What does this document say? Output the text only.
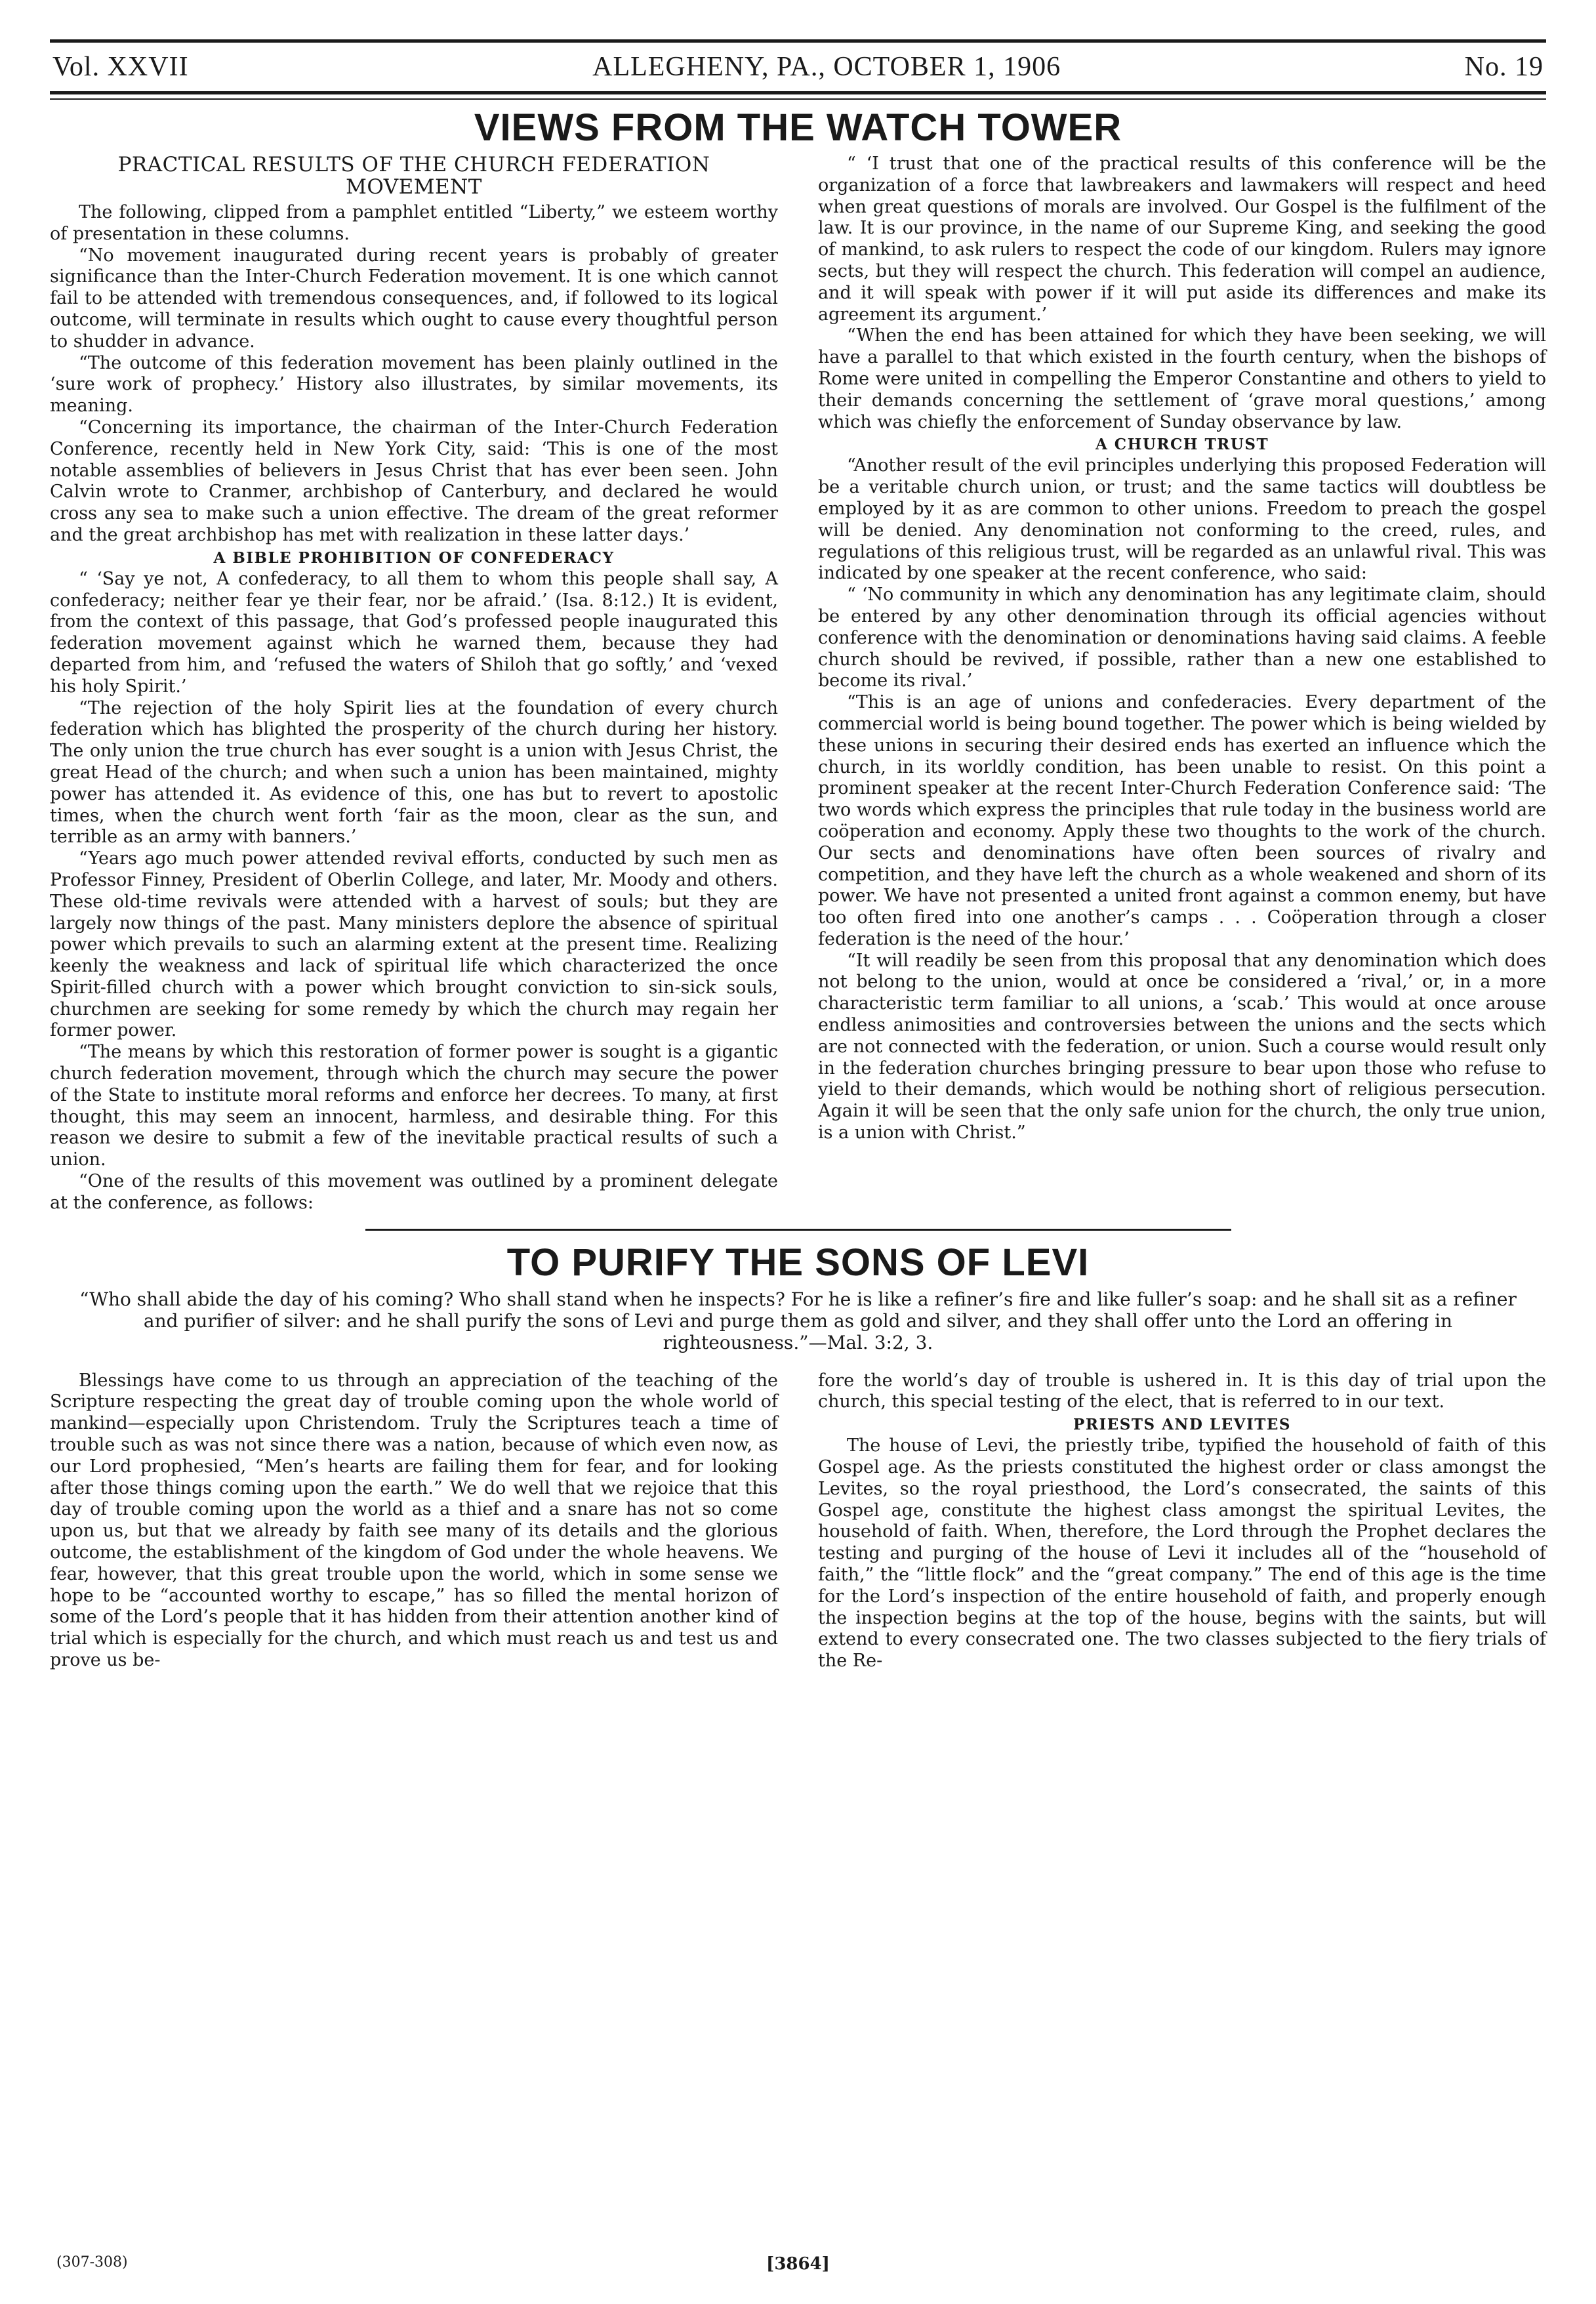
Vol. XXVII	ALLEGHENY, PA., OCTOBER 1, 1906	No. 19
VIEWS FROM THE WATCH TOWER
PRACTICAL RESULTS OF THE CHURCH FEDERATION MOVEMENT

The following, clipped from a pamphlet entitled “Liberty,” we esteem worthy of presentation in these columns.

“No movement inaugurated during recent years is probably of greater significance than the Inter-Church Federation movement. It is one which cannot fail to be attended with tremendous consequences, and, if followed to its logical outcome, will terminate in results which ought to cause every thoughtful person to shudder in advance.

“The outcome of this federation movement has been plainly outlined in the ‘sure work of prophecy.’ History also illustrates, by similar movements, its meaning.

“Concerning its importance, the chairman of the Inter-Church Federation Conference, recently held in New York City, said: ‘This is one of the most notable assemblies of believers in Jesus Christ that has ever been seen. John Calvin wrote to Cranmer, archbishop of Canterbury, and declared he would cross any sea to make such a union effective. The dream of the great reformer and the great archbishop has met with realization in these latter days.’

A BIBLE PROHIBITION OF CONFEDERACY

“ ‘Say ye not, A confederacy, to all them to whom this people shall say, A confederacy; neither fear ye their fear, nor be afraid.’ (Isa. 8:12.) It is evident, from the context of this passage, that God’s professed people inaugurated this federation movement against which he warned them, because they had departed from him, and ‘refused the waters of Shiloh that go softly,’ and ‘vexed his holy Spirit.’

“The rejection of the holy Spirit lies at the foundation of every church federation which has blighted the prosperity of the church during her history. The only union the true church has ever sought is a union with Jesus Christ, the great Head of the church; and when such a union has been maintained, mighty power has attended it. As evidence of this, one has but to revert to apostolic times, when the church went forth ‘fair as the moon, clear as the sun, and terrible as an army with banners.’

“Years ago much power attended revival efforts, conducted by such men as Professor Finney, President of Oberlin College, and later, Mr. Moody and others. These old-time revivals were attended with a harvest of souls; but they are largely now things of the past. Many ministers deplore the absence of spiritual power which prevails to such an alarming extent at the present time. Realizing keenly the weakness and lack of spiritual life which characterized the once Spirit-filled church with a power which brought conviction to sin-sick souls, churchmen are seeking for some remedy by which the church may regain her former power.

“The means by which this restoration of former power is sought is a gigantic church federation movement, through which the church may secure the power of the State to institute moral reforms and enforce her decrees. To many, at first thought, this may seem an innocent, harmless, and desirable thing. For this reason we desire to submit a few of the inevitable practical results of such a union.

“One of the results of this movement was outlined by a prominent delegate at the conference, as follows:

“ ‘I trust that one of the practical results of this conference will be the organization of a force that lawbreakers and lawmakers will respect and heed when great questions of morals are involved. Our Gospel is the fulfilment of the law. It is our province, in the name of our Supreme King, and seeking the good of mankind, to ask rulers to respect the code of our kingdom. Rulers may ignore sects, but they will respect the church. This federation will compel an audience, and it will speak with power if it will put aside its differences and make its agreement its argument.’

“When the end has been attained for which they have been seeking, we will have a parallel to that which existed in the fourth century, when the bishops of Rome were united in compelling the Emperor Constantine and others to yield to their demands concerning the settlement of ‘grave moral questions,’ among which was chiefly the enforcement of Sunday observance by law.

A CHURCH TRUST

“Another result of the evil principles underlying this proposed Federation will be a veritable church union, or trust; and the same tactics will doubtless be employed by it as are common to other unions. Freedom to preach the gospel will be denied. Any denomination not conforming to the creed, rules, and regulations of this religious trust, will be regarded as an unlawful rival. This was indicated by one speaker at the recent conference, who said:

“ ‘No community in which any denomination has any legitimate claim, should be entered by any other denomination through its official agencies without conference with the denomination or denominations having said claims. A feeble church should be revived, if possible, rather than a new one established to become its rival.’

“This is an age of unions and confederacies. Every department of the commercial world is being bound together. The power which is being wielded by these unions in securing their desired ends has exerted an influence which the church, in its worldly condition, has been unable to resist. On this point a prominent speaker at the recent Inter-Church Federation Conference said: ‘The two words which express the principles that rule today in the business world are coöperation and economy. Apply these two thoughts to the work of the church. Our sects and denominations have often been sources of rivalry and competition, and they have left the church as a whole weakened and shorn of its power. We have not presented a united front against a common enemy, but have too often fired into one another’s camps . . . Coöperation through a closer federation is the need of the hour.’

“It will readily be seen from this proposal that any denomination which does not belong to the union, would at once be considered a ‘rival,’ or, in a more characteristic term familiar to all unions, a ‘scab.’ This would at once arouse endless animosities and controversies between the unions and the sects which are not connected with the federation, or union. Such a course would result only in the federation churches bringing pressure to bear upon those who refuse to yield to their demands, which would be nothing short of religious persecution. Again it will be seen that the only safe union for the church, the only true union, is a union with Christ.”

TO PURIFY THE SONS OF LEVI
“Who shall abide the day of his coming? Who shall stand when he inspects? For he is like a refiner’s fire and like fuller’s soap: and he shall sit as a refiner and purifier of silver: and he shall purify the sons of Levi and purge them as gold and silver, and they shall offer unto the Lord an offering in righteousness.”—Mal. 3:2, 3.

Blessings have come to us through an appreciation of the teaching of the Scripture respecting the great day of trouble coming upon the whole world of mankind—especially upon Christendom. Truly the Scriptures teach a time of trouble such as was not since there was a nation, because of which even now, as our Lord prophesied, “Men’s hearts are failing them for fear, and for looking after those things coming upon the earth.” We do well that we rejoice that this day of trouble coming upon the world as a thief and a snare has not so come upon us, but that we already by faith see many of its details and the glorious outcome, the establishment of the kingdom of God under the whole heavens. We fear, however, that this great trouble upon the world, which in some sense we hope to be “accounted worthy to escape,” has so filled the mental horizon of some of the Lord’s people that it has hidden from their attention another kind of trial which is especially for the church, and which must reach us and test us and prove us be-

fore the world’s day of trouble is ushered in. It is this day of trial upon the church, this special testing of the elect, that is referred to in our text.

PRIESTS AND LEVITES

The house of Levi, the priestly tribe, typified the household of faith of this Gospel age. As the priests constituted the highest order or class amongst the Levites, so the royal priesthood, the Lord’s consecrated, the saints of this Gospel age, constitute the highest class amongst the spiritual Levites, the household of faith. When, therefore, the Lord through the Prophet declares the testing and purging of the house of Levi it includes all of the “household of faith,” the “little flock” and the “great company.” The end of this age is the time for the Lord’s inspection of the entire household of faith, and properly enough the inspection begins at the top of the house, begins with the saints, but will extend to every consecrated one. The two classes subjected to the fiery trials of the Re-

(307-308)	[3864]
